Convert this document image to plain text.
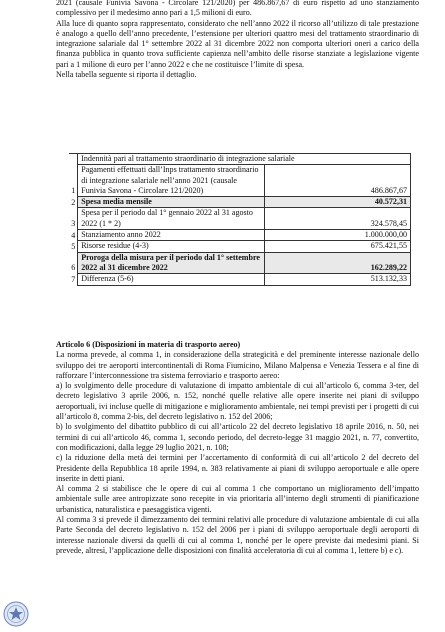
2021 (causale Funivia Savona - Circolare 121/2020) per 486.867,67 di euro rispetto ad uno stanziamento complessivo per il medesimo anno pari a 1,5 milioni di euro.

Alla luce di quanto sopra rappresentato, considerato che nell’anno 2022 il ricorso all’utilizzo di tale prestazione è analogo a quello dell’anno precedente, l’estensione per ulteriori quattro mesi del trattamento straordinario di integrazione salariale dal 1° settembre 2022 al 31 dicembre 2022 non comporta ulteriori oneri a carico della finanza pubblica in quanto trova sufficiente capienza nell’ambito delle risorse stanziate a legislazione vigente pari a 1 milione di euro per l’anno 2022 e che ne costituisce l’limite di spesa.

Nella tabella seguente si riporta il dettaglio.

	Indennità pari al trattamento straordinario di integrazione salariale	
1	Pagamenti effettuati dall’Inps trattamento straordinario di integrazione salariale nell’anno 2021 (causale Funivia Savona - Circolare 121/2020)	486.867,67
2	Spesa media mensile	40.572,31
3	Spesa per il periodo dal 1° gennaio 2022 al 31 agosto 2022 (1 * 2)	324.578,45
4	Stanziamento anno 2022	1.000.000,00
5	Risorse residue (4-3)	675.421,55
6	Proroga della misura per il periodo dal 1° settembre 2022 al 31 dicembre 2022	162.289,22
7	Differenza (5-6)	513.132,33
Articolo 6 (Disposizioni in materia di trasporto aereo)

La norma prevede, al comma 1, in considerazione della strategicità e del preminente interesse nazionale dello sviluppo dei tre aeroporti intercontinentali di Roma Fiumicino, Milano Malpensa e Venezia Tessera e al fine di rafforzare l’interconnessione tra sistema ferroviario e trasporto aereo:

a) lo svolgimento delle procedure di valutazione di impatto ambientale di cui all’articolo 6, comma 3-ter, del decreto legislativo 3 aprile 2006, n. 152, nonché quelle relative alle opere inserite nei piani di sviluppo aeroportuali, ivi incluse quelle di mitigazione e miglioramento ambientale, nei tempi previsti per i progetti di cui all’articolo 8, comma 2-bis, del decreto legislativo n. 152 del 2006;

b) lo svolgimento del dibattito pubblico di cui all’articolo 22 del decreto legislativo 18 aprile 2016, n. 50, nei termini di cui all’articolo 46, comma 1, secondo periodo, del decreto-legge 31 maggio 2021, n. 77, convertito, con modificazioni, dalla legge 29 luglio 2021, n. 108;

c) la riduzione della metà dei termini per l’accertamento di conformità di cui all’articolo 2 del decreto del Presidente della Repubblica 18 aprile 1994, n. 383 relativamente ai piani di sviluppo aeroportuale e alle opere inserite in detti piani.

Al comma 2 si stabilisce che le opere di cui al comma 1 che comportano un miglioramento dell’impatto ambientale sulle aree antropizzate sono recepite in via prioritaria all’interno degli strumenti di pianificazione urbanistica, naturalistica e paesaggistica vigenti.

Al comma 3 si prevede il dimezzamento dei termini relativi alle procedure di valutazione ambientale di cui alla Parte Seconda del decreto legislativo n. 152 del 2006 per i piani di sviluppo aeroportuale degli aeroporti di interesse nazionale diversi da quelli di cui al comma 1, nonché per le opere previste dai medesimi piani. Si prevede, altresì, l’applicazione delle disposizioni con finalità acceleratoria di cui al comma 1, lettere b) e c).
